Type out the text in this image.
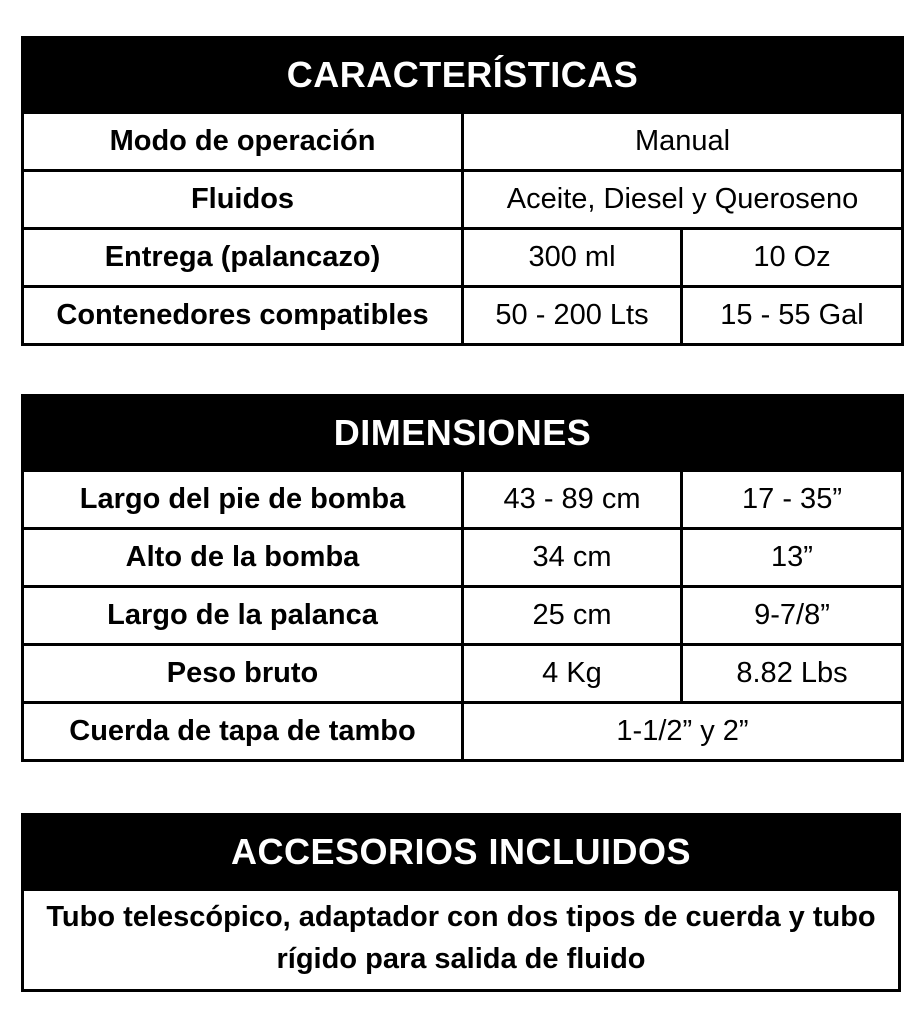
CARACTERÍSTICAS		
Modo de operación	Manual	
Fluidos	Aceite, Diesel y Queroseno	
Entrega (palancazo)	300 ml	10 Oz
Contenedores compatibles	50 - 200 Lts	15 - 55 Gal
DIMENSIONES		
Largo del pie de bomba	43 - 89 cm	17 - 35”
Alto de la bomba	34 cm	13”
Largo de la palanca	25 cm	9-7/8”
Peso bruto	4 Kg	8.82 Lbs
Cuerda de tapa de tambo	1-1/2” y 2”	
ACCESORIOS INCLUIDOS
Tubo telescópico, adaptador con dos tipos de cuerda y tubo rígido para salida de fluido
